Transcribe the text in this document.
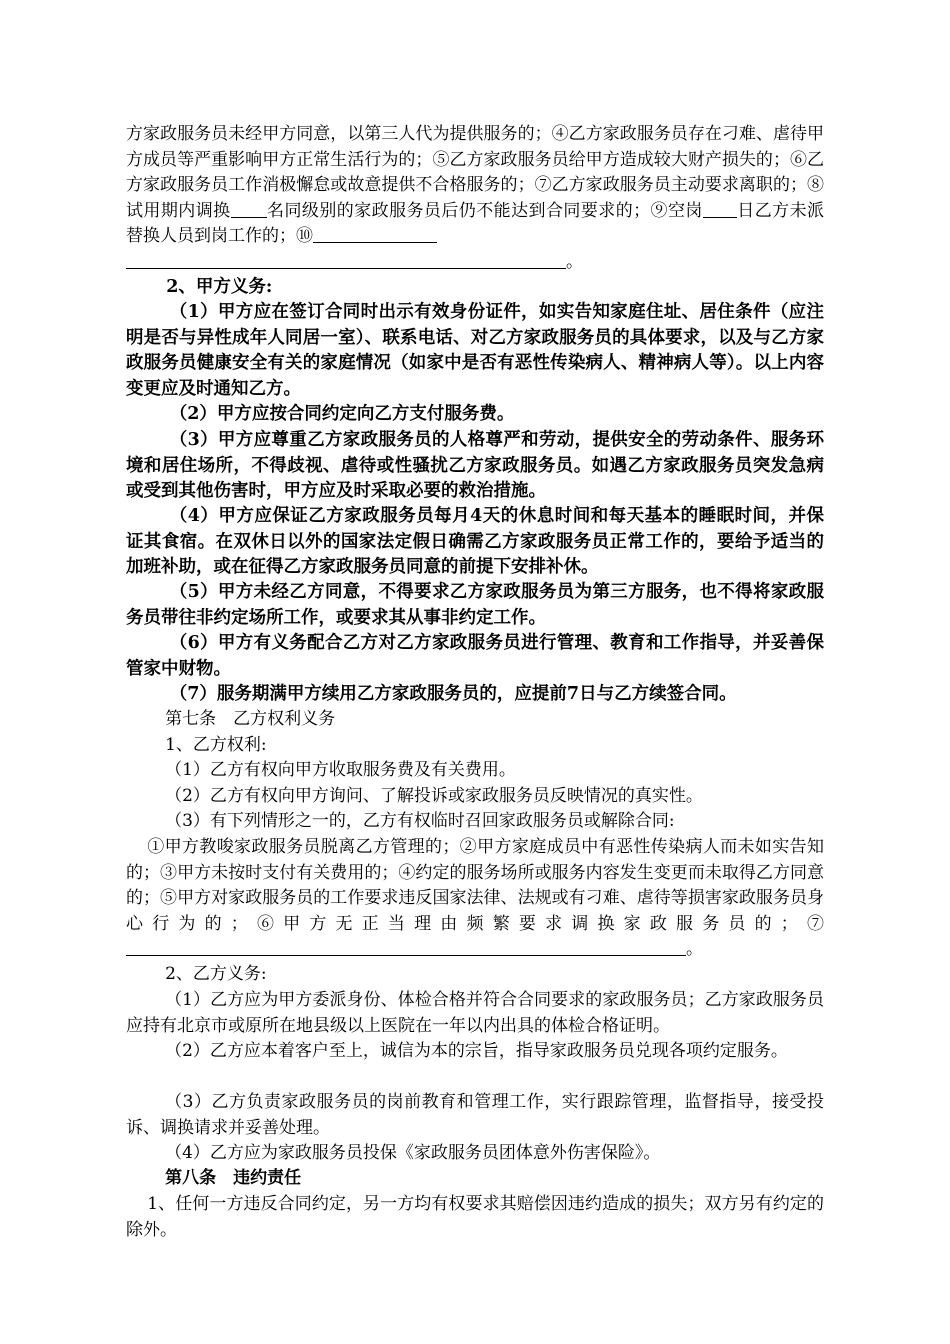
方家政服务员未经甲方同意，以第三人代为提供服务的；④乙方家政服务员存在刁难、虐待甲方成员等严重影响甲方正常生活行为的；⑤乙方家政服务员给甲方造成较大财产损失的；⑥乙方家政服务员工作消极懈怠或故意提供不合格服务的；⑦乙方家政服务员主动要求离职的；⑧试用期内调换 名同级别的家政服务员后仍不能达到合同要求的；⑨空岗 日乙方未派替换人员到岗工作的；⑩
。

2、甲方义务:

（1）甲方应在签订合同时出示有效身份证件，如实告知家庭住址、居住条件（应注明是否与异性成年人同居一室）、联系电话、对乙方家政服务员的具体要求，以及与乙方家政服务员健康安全有关的家庭情况（如家中是否有恶性传染病人、精神病人等）。以上内容变更应及时通知乙方。

（2）甲方应按合同约定向乙方支付服务费。

（3）甲方应尊重乙方家政服务员的人格尊严和劳动，提供安全的劳动条件、服务环境和居住场所，不得歧视、虐待或性骚扰乙方家政服务员。如遇乙方家政服务员突发急病或受到其他伤害时，甲方应及时采取必要的救治措施。

（4）甲方应保证乙方家政服务员每月4天的休息时间和每天基本的睡眠时间，并保证其食宿。在双休日以外的国家法定假日确需乙方家政服务员正常工作的，要给予适当的加班补助，或在征得乙方家政服务员同意的前提下安排补休。

（5）甲方未经乙方同意，不得要求乙方家政服务员为第三方服务，也不得将家政服务员带往非约定场所工作，或要求其从事非约定工作。

（6）甲方有义务配合乙方对乙方家政服务员进行管理、教育和工作指导，并妥善保管家中财物。

（7）服务期满甲方续用乙方家政服务员的，应提前7日与乙方续签合同。

第七条　乙方权利义务

1、乙方权利:

（1）乙方有权向甲方收取服务费及有关费用。

（2）乙方有权向甲方询问、了解投诉或家政服务员反映情况的真实性。

（3）有下列情形之一的，乙方有权临时召回家政服务员或解除合同:

①甲方教唆家政服务员脱离乙方管理的；②甲方家庭成员中有恶性传染病人而未如实告知的；③甲方未按时支付有关费用的；④约定的服务场所或服务内容发生变更而未取得乙方同意的；⑤甲方对家政服务员的工作要求违反国家法律、法规或有刁难、虐待等损害家政服务员身心行为的；⑥甲方无正当理由频繁要求调换家政服务员的；⑦。

2、乙方义务:

（1）乙方应为甲方委派身份、体检合格并符合合同要求的家政服务员；乙方家政服务员应持有北京市或原所在地县级以上医院在一年以内出具的体检合格证明。

（2）乙方应本着客户至上，诚信为本的宗旨，指导家政服务员兑现各项约定服务。

（3）乙方负责家政服务员的岗前教育和管理工作，实行跟踪管理，监督指导，接受投诉、调换请求并妥善处理。

（4）乙方应为家政服务员投保《家政服务员团体意外伤害保险》。

第八条　违约责任

1、任何一方违反合同约定，另一方均有权要求其赔偿因违约造成的损失；双方另有约定的除外。
